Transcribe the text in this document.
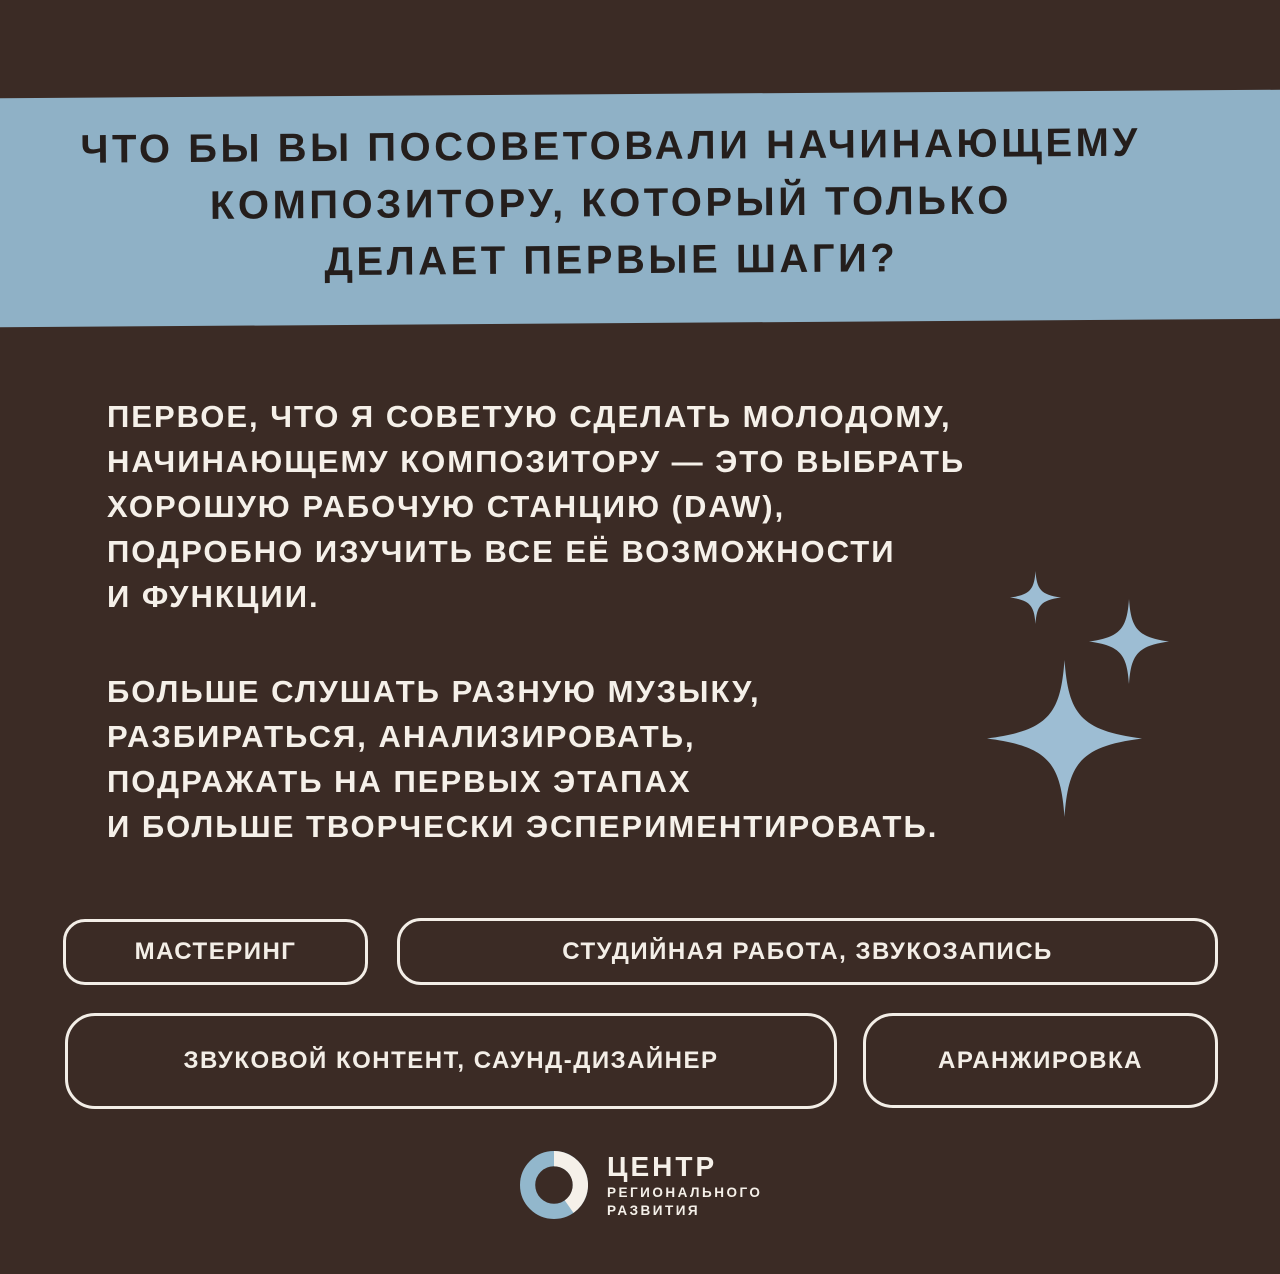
ЧТО БЫ ВЫ ПОСОВЕТОВАЛИ НАЧИНАЮЩЕМУ
КОМПОЗИТОРУ, КОТОРЫЙ ТОЛЬКО
ДЕЛАЕТ ПЕРВЫЕ ШАГИ?
ПЕРВОЕ, ЧТО Я СОВЕТУЮ СДЕЛАТЬ МОЛОДОМУ,
НАЧИНАЮЩЕМУ КОМПОЗИТОРУ — ЭТО ВЫБРАТЬ
ХОРОШУЮ РАБОЧУЮ СТАНЦИЮ (DAW),
ПОДРОБНО ИЗУЧИТЬ ВСЕ ЕЁ ВОЗМОЖНОСТИ
И ФУНКЦИИ.
БОЛЬШЕ СЛУШАТЬ РАЗНУЮ МУЗЫКУ,
РАЗБИРАТЬСЯ, АНАЛИЗИРОВАТЬ,
ПОДРАЖАТЬ НА ПЕРВЫХ ЭТАПАХ
И БОЛЬШЕ ТВОРЧЕСКИ ЭСПЕРИМЕНТИРОВАТЬ.
МАСТЕРИНГ	СТУДИЙНАЯ РАБОТА, ЗВУКОЗАПИСЬ
ЗВУКОВОЙ КОНТЕНТ, САУНД-ДИЗАЙНЕР	АРАНЖИРОВКА
ЦЕНТР
РЕГИОНАЛЬНОГО
РАЗВИТИЯ
